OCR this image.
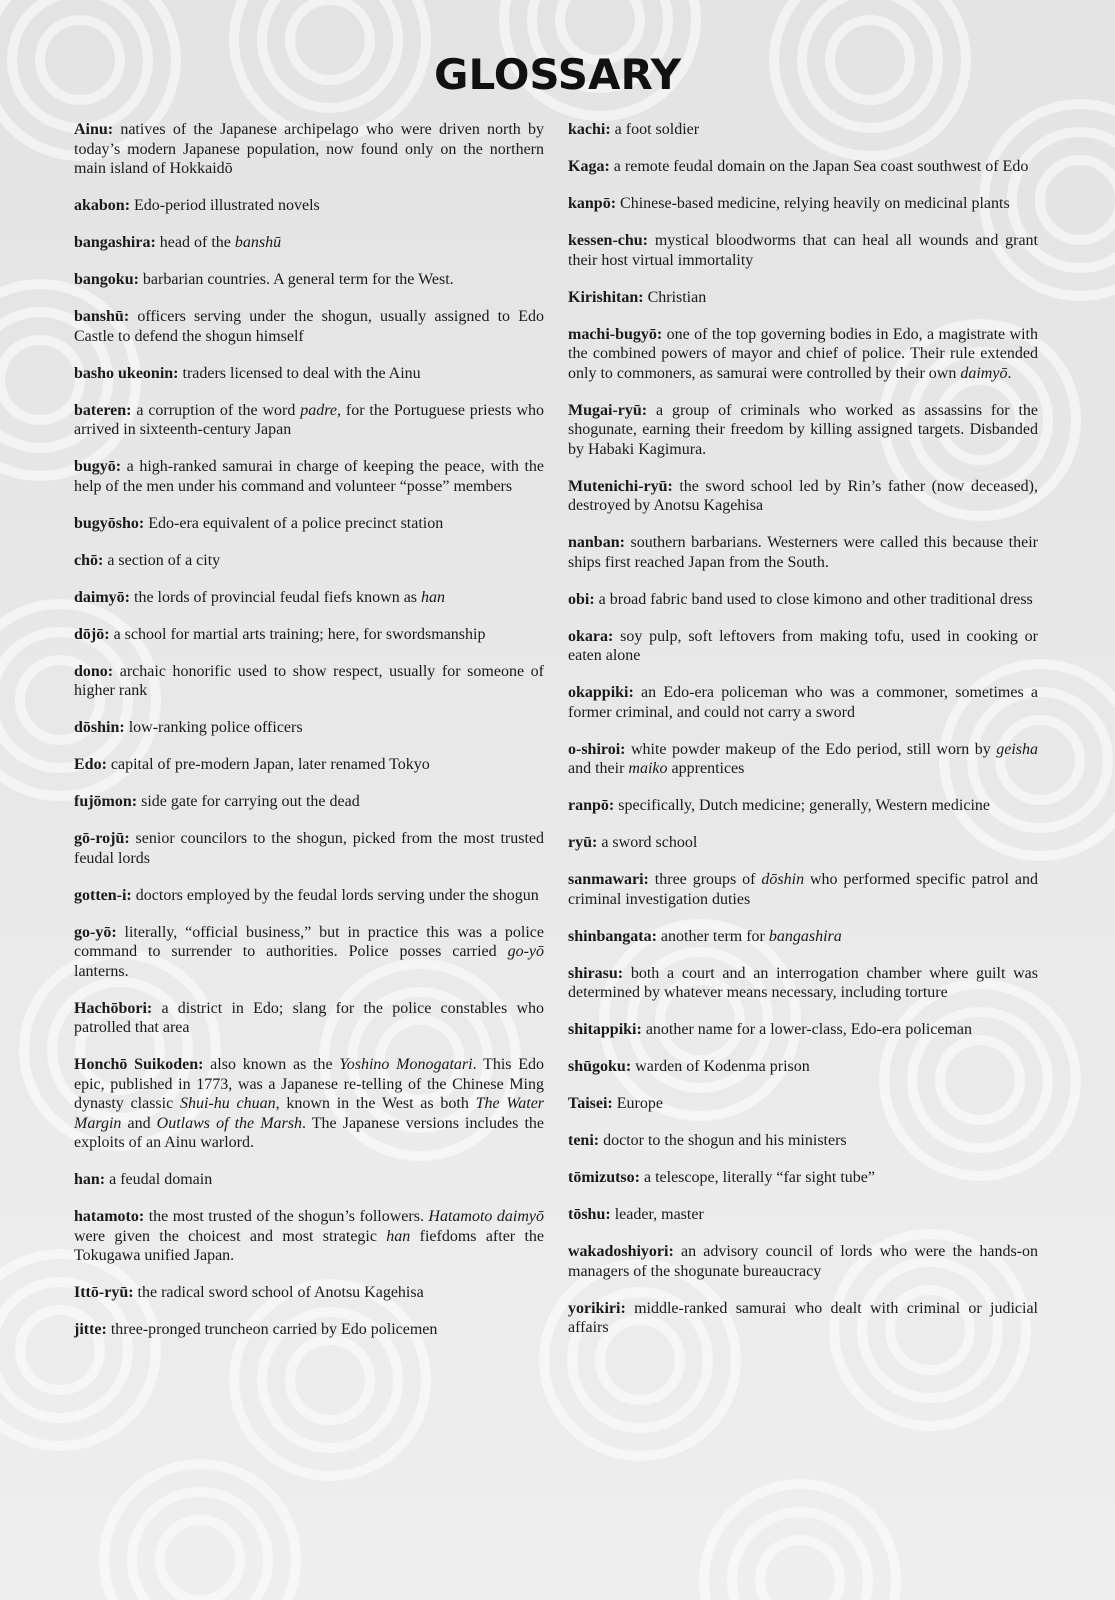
GLOSSARY

Ainu: natives of the Japanese archipelago who were driven north by today’s modern Japanese population, now found only on the northern main island of Hokkaidō

akabon: Edo-period illustrated novels

bangashira: head of the banshū

bangoku: barbarian countries. A general term for the West.

banshū: officers serving under the shogun, usually assigned to Edo Castle to defend the shogun himself

basho ukeonin: traders licensed to deal with the Ainu

bateren: a corruption of the word padre, for the Portuguese priests who arrived in sixteenth-century Japan

bugyō: a high-ranked samurai in charge of keeping the peace, with the help of the men under his command and volunteer “posse” members

bugyōsho: Edo-era equivalent of a police precinct station

chō: a section of a city

daimyō: the lords of provincial feudal fiefs known as han

dōjō: a school for martial arts training; here, for swordsmanship

dono: archaic honorific used to show respect, usually for someone of higher rank

dōshin: low-ranking police officers

Edo: capital of pre-modern Japan, later renamed Tokyo

fujōmon: side gate for carrying out the dead

gō-rojū: senior councilors to the shogun, picked from the most trusted feudal lords

gotten-i: doctors employed by the feudal lords serving under the shogun

go-yō: literally, “official business,” but in practice this was a police command to surrender to authorities. Police posses carried go-yō lanterns.

Hachōbori: a district in Edo; slang for the police constables who patrolled that area

Honchō Suikoden: also known as the Yoshino Monogatari. This Edo epic, published in 1773, was a Japanese re-telling of the Chinese Ming dynasty classic Shui-hu chuan, known in the West as both The Water Margin and Outlaws of the Marsh. The Japanese versions includes the exploits of an Ainu warlord.

han: a feudal domain

hatamoto: the most trusted of the shogun’s followers. Hatamoto daimyō were given the choicest and most strategic han fiefdoms after the Tokugawa unified Japan.

Ittō-ryū: the radical sword school of Anotsu Kagehisa

jitte: three-pronged truncheon carried by Edo policemen

kachi: a foot soldier

Kaga: a remote feudal domain on the Japan Sea coast southwest of Edo

kanpō: Chinese-based medicine, relying heavily on medicinal plants

kessen-chu: mystical bloodworms that can heal all wounds and grant their host virtual immortality

Kirishitan: Christian

machi-bugyō: one of the top governing bodies in Edo, a magistrate with the combined powers of mayor and chief of police. Their rule extended only to commoners, as samurai were controlled by their own daimyō.

Mugai-ryū: a group of criminals who worked as assassins for the shogunate, earning their freedom by killing assigned targets. Disbanded by Habaki Kagimura.

Mutenichi-ryū: the sword school led by Rin’s father (now deceased), destroyed by Anotsu Kagehisa

nanban: southern barbarians. Westerners were called this because their ships first reached Japan from the South.

obi: a broad fabric band used to close kimono and other traditional dress

okara: soy pulp, soft leftovers from making tofu, used in cooking or eaten alone

okappiki: an Edo-era policeman who was a commoner, sometimes a former criminal, and could not carry a sword

o-shiroi: white powder makeup of the Edo period, still worn by geisha and their maiko apprentices

ranpō: specifically, Dutch medicine; generally, Western medicine

ryū: a sword school

sanmawari: three groups of dōshin who performed specific patrol and criminal investigation duties

shinbangata: another term for bangashira

shirasu: both a court and an interrogation chamber where guilt was determined by whatever means necessary, including torture

shitappiki: another name for a lower-class, Edo-era policeman

shūgoku: warden of Kodenma prison

Taisei: Europe

teni: doctor to the shogun and his ministers

tōmizutso: a telescope, literally “far sight tube”

tōshu: leader, master

wakadoshiyori: an advisory council of lords who were the hands-on managers of the shogunate bureaucracy

yorikiri: middle-ranked samurai who dealt with criminal or judicial affairs
